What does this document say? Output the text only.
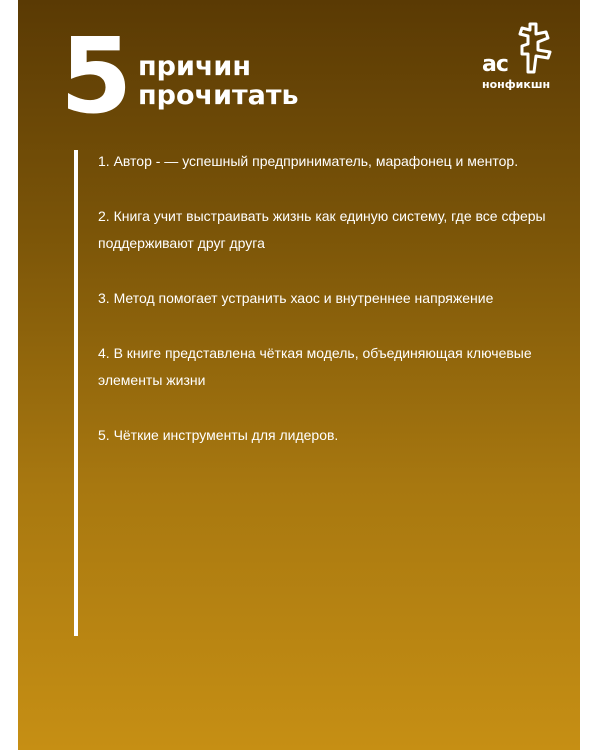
5 причин
прочитать
ас
нонфикшн
1. Автор - — успешный предприниматель, марафонец и ментор.
2. Книга учит выстраивать жизнь как единую систему, где все сферы поддерживают друг друга
3. Метод помогает устранить хаос и внутреннее напряжение
4. В книге представлена чёткая модель, объединяющая ключевые элементы жизни
5. Чёткие инструменты для лидеров.
